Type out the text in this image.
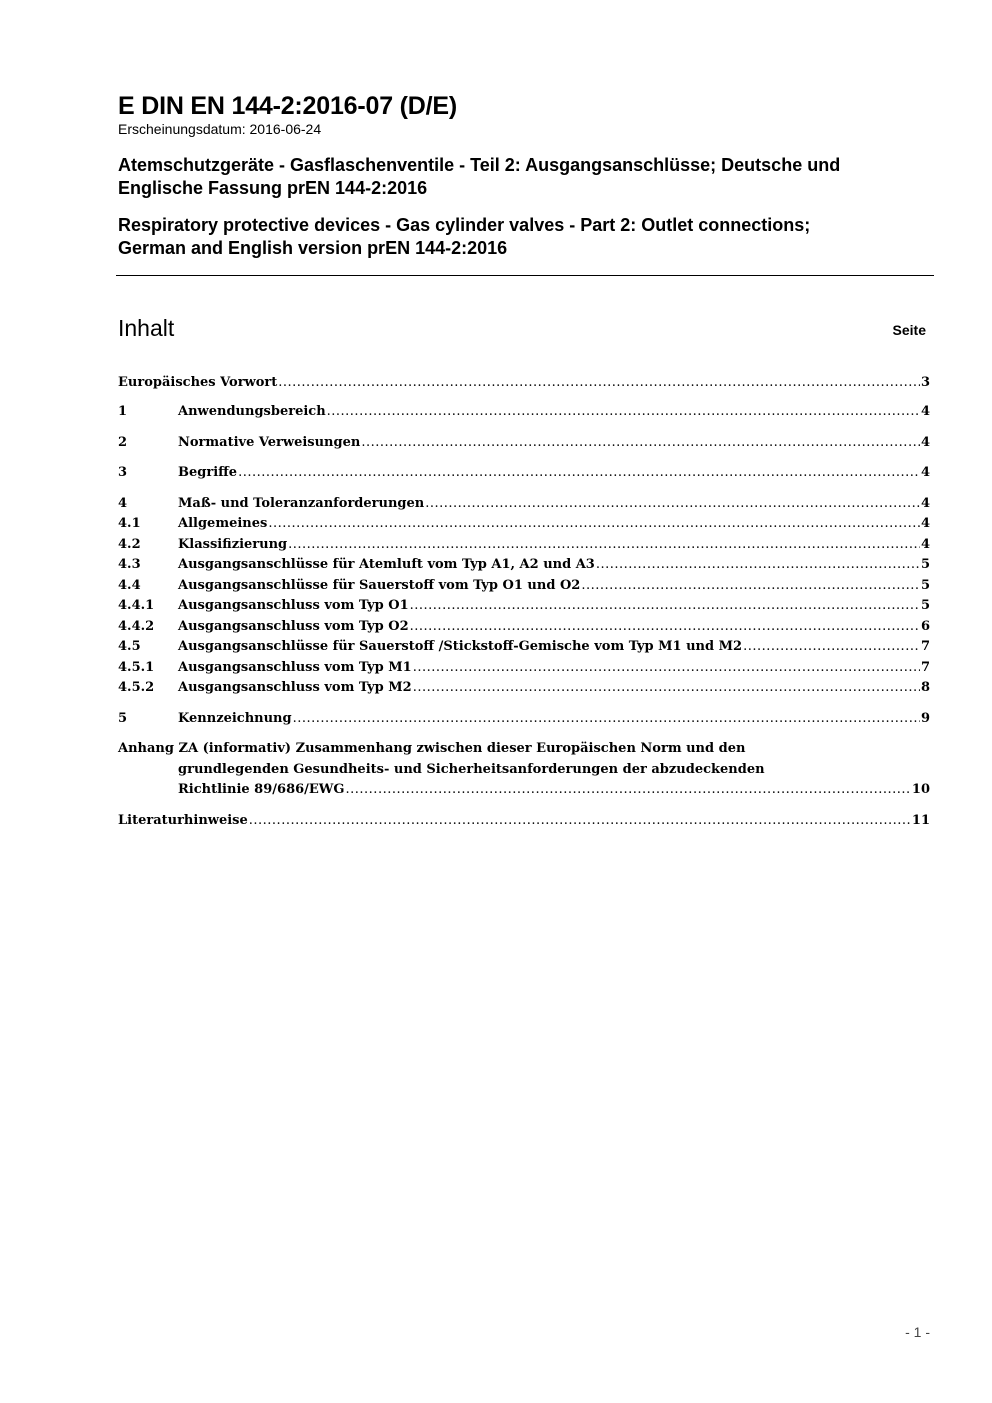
E DIN EN 144-2:2016-07 (D/E)
Erscheinungsdatum: 2016-06-24
Atemschutzgeräte - Gasflaschenventile - Teil 2: Ausgangsanschlüsse; Deutsche und
Englische Fassung prEN 144-2:2016
Respiratory protective devices - Gas cylinder valves - Part 2: Outlet connections;
German and English version prEN 144-2:2016
Inhalt	Seite
Europäisches Vorwort .....	3
1	Anwendungsbereich .....	4
2	Normative Verweisungen .....	4
3	Begriffe .....	4
4	Maß- und Toleranzanforderungen .....	4
4.1	Allgemeines .....	4
4.2	Klassifizierung .....	4
4.3	Ausgangsanschlüsse für Atemluft vom Typ A1, A2 und A3 .....	5
4.4	Ausgangsanschlüsse für Sauerstoff vom Typ O1 und O2 .....	5
4.4.1	Ausgangsanschluss vom Typ O1 .....	5
4.4.2	Ausgangsanschluss vom Typ O2 .....	6
4.5	Ausgangsanschlüsse für Sauerstoff /Stickstoff-Gemische vom Typ M1 und M2 .....	7
4.5.1	Ausgangsanschluss vom Typ M1 .....	7
4.5.2	Ausgangsanschluss vom Typ M2 .....	8
5	Kennzeichnung .....	9
Anhang ZA (informativ) Zusammenhang zwischen dieser Europäischen Norm und den
grundlegenden Gesundheits- und Sicherheitsanforderungen der abzudeckenden
Richtlinie 89/686/EWG .....	10
Literaturhinweise .....	11
- 1 -
